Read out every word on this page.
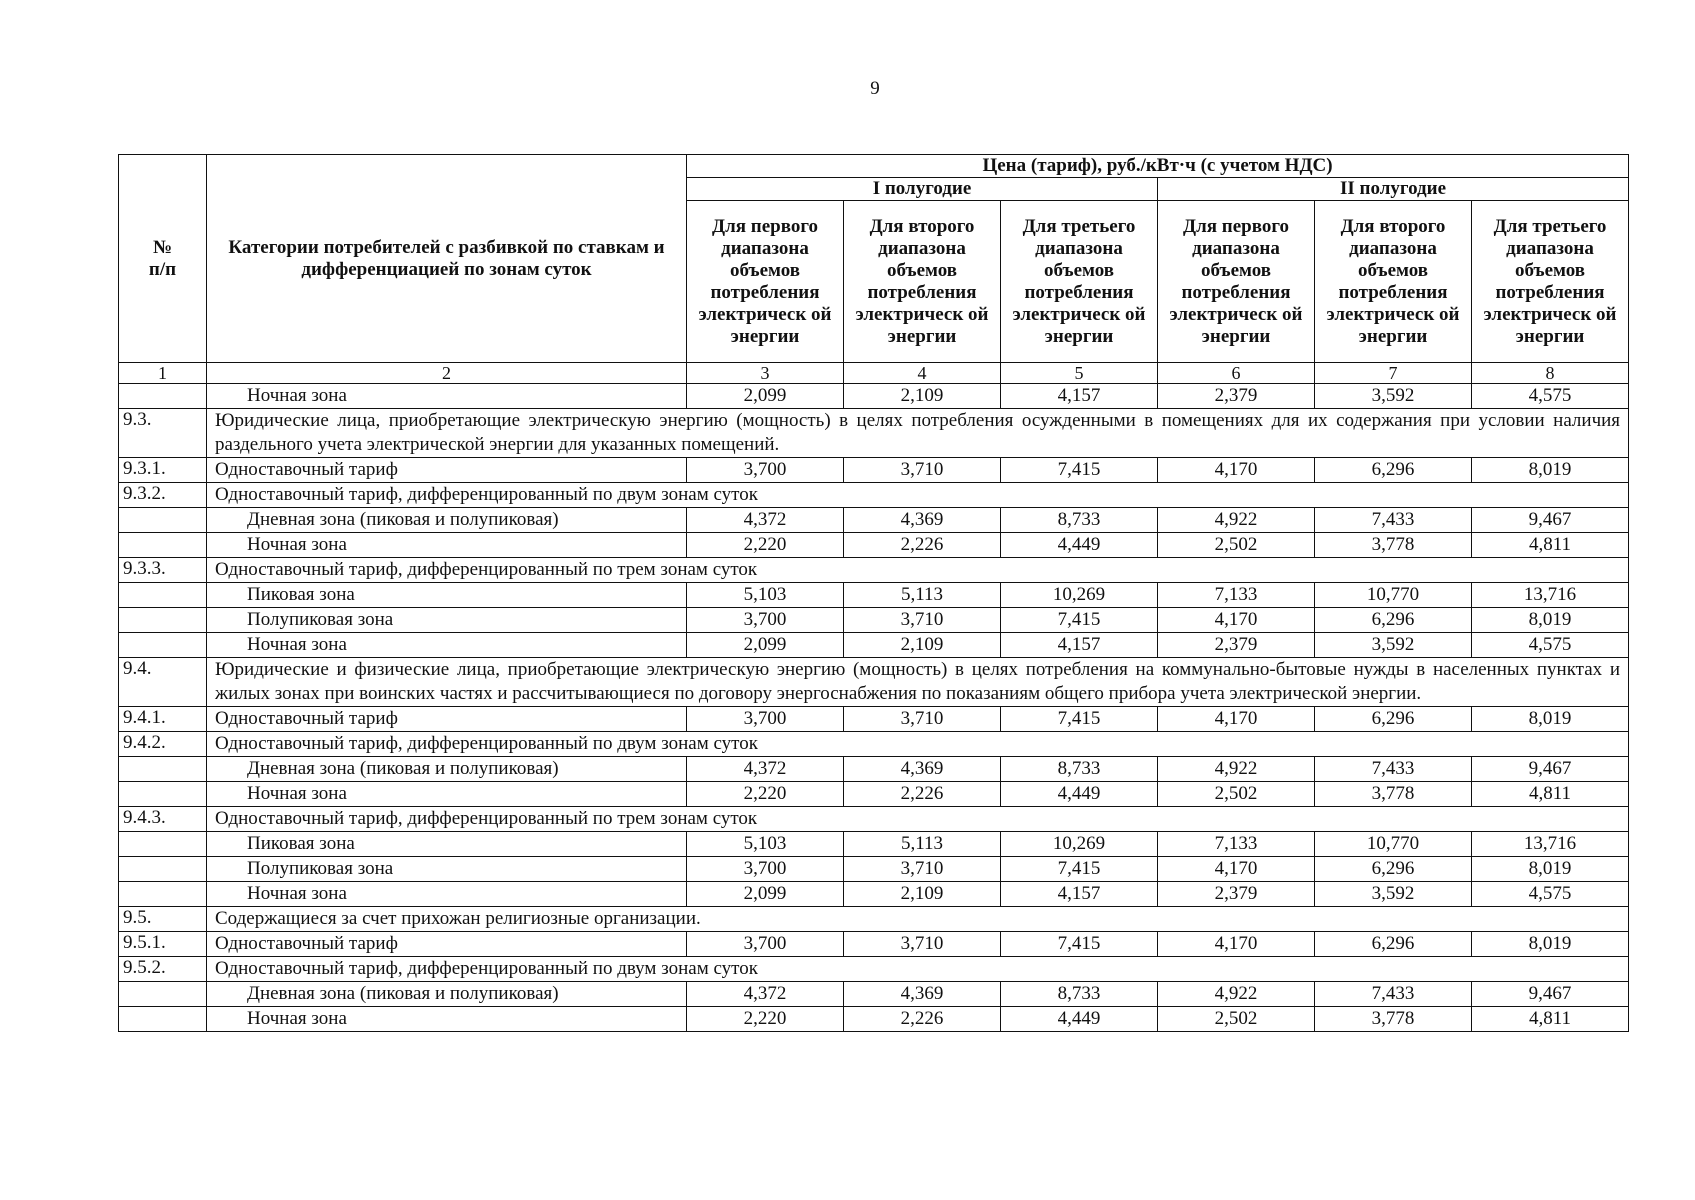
9
№
п/п	Категории потребителей с разбивкой по ставкам и дифференциацией по зонам суток	Цена (тариф), руб./кВт·ч (с учетом НДС)					
		I полугодие			II полугодие		
		Для первого диапазона объемов потребления электрическ ой энергии	Для второго диапазона объемов потребления электрическ ой энергии	Для третьего диапазона объемов потребления электрическ ой энергии	Для первого диапазона объемов потребления электрическ ой энергии	Для второго диапазона объемов потребления электрическ ой энергии	Для третьего диапазона объемов потребления электрическ ой энергии
1	2	3	4	5	6	7	8
	Ночная зона	2,099	2,109	4,157	2,379	3,592	4,575
9.3.	Юридические лица, приобретающие электрическую энергию (мощность) в целях потребления осужденными в помещениях для их содержания при условии наличия раздельного учета электрической энергии для указанных помещений.						
9.3.1.	Одноставочный тариф	3,700	3,710	7,415	4,170	6,296	8,019
9.3.2.	Одноставочный тариф, дифференцированный по двум зонам суток						
	Дневная зона (пиковая и полупиковая)	4,372	4,369	8,733	4,922	7,433	9,467
	Ночная зона	2,220	2,226	4,449	2,502	3,778	4,811
9.3.3.	Одноставочный тариф, дифференцированный по трем зонам суток						
	Пиковая зона	5,103	5,113	10,269	7,133	10,770	13,716
	Полупиковая зона	3,700	3,710	7,415	4,170	6,296	8,019
	Ночная зона	2,099	2,109	4,157	2,379	3,592	4,575
9.4.	Юридические и физические лица, приобретающие электрическую энергию (мощность) в целях потребления на коммунально-бытовые нужды в населенных пунктах и жилых зонах при воинских частях и рассчитывающиеся по договору энергоснабжения по показаниям общего прибора учета электрической энергии.						
9.4.1.	Одноставочный тариф	3,700	3,710	7,415	4,170	6,296	8,019
9.4.2.	Одноставочный тариф, дифференцированный по двум зонам суток						
	Дневная зона (пиковая и полупиковая)	4,372	4,369	8,733	4,922	7,433	9,467
	Ночная зона	2,220	2,226	4,449	2,502	3,778	4,811
9.4.3.	Одноставочный тариф, дифференцированный по трем зонам суток						
	Пиковая зона	5,103	5,113	10,269	7,133	10,770	13,716
	Полупиковая зона	3,700	3,710	7,415	4,170	6,296	8,019
	Ночная зона	2,099	2,109	4,157	2,379	3,592	4,575
9.5.	Содержащиеся за счет прихожан религиозные организации.						
9.5.1.	Одноставочный тариф	3,700	3,710	7,415	4,170	6,296	8,019
9.5.2.	Одноставочный тариф, дифференцированный по двум зонам суток						
	Дневная зона (пиковая и полупиковая)	4,372	4,369	8,733	4,922	7,433	9,467
	Ночная зона	2,220	2,226	4,449	2,502	3,778	4,811
